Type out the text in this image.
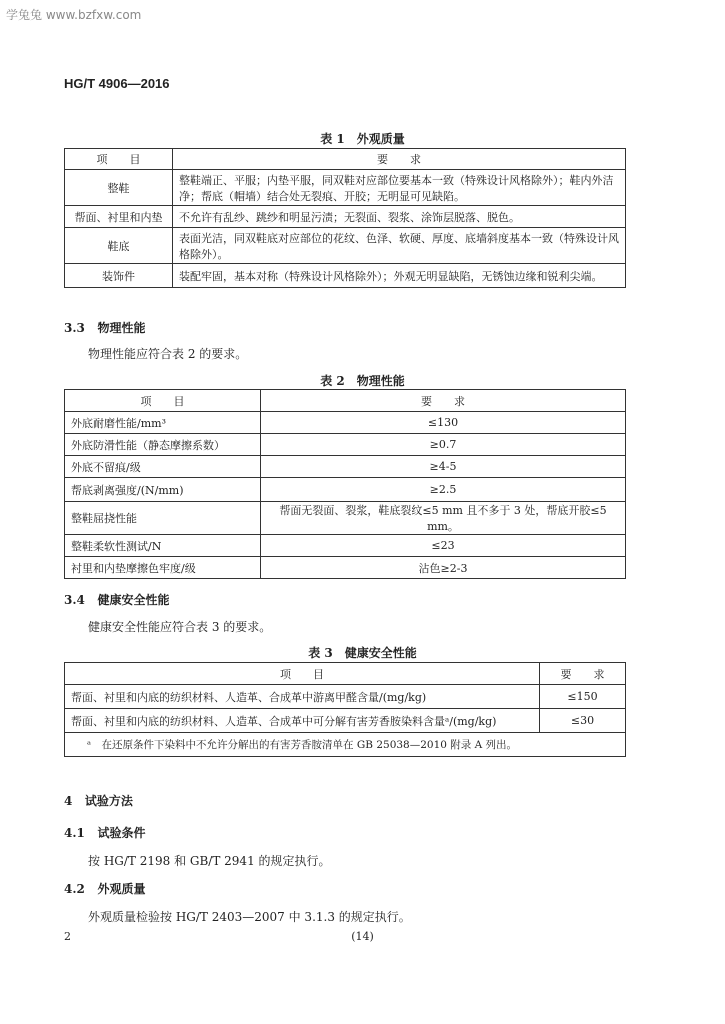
学兔兔 www.bzfxw.com
HG/T 4906—2016
表 1　外观质量
项　　目	要　　求
整鞋	整鞋端正、平服；内垫平服，同双鞋对应部位要基本一致（特殊设计风格除外）；鞋内外洁净；帮底（帽墙）结合处无裂痕、开胶；无明显可见缺陷。
帮面、衬里和内垫	不允许有乱纱、跳纱和明显污渍；无裂面、裂浆、涂饰层脱落、脱色。
鞋底	表面光洁，同双鞋底对应部位的花纹、色泽、软硬、厚度、底墙斜度基本一致（特殊设计风格除外）。
装饰件	装配牢固，基本对称（特殊设计风格除外）；外观无明显缺陷，无锈蚀边缘和锐利尖端。
3.3 物理性能
物理性能应符合表 2 的要求。
表 2　物理性能
项　　目	要　　求
外底耐磨性能/mm³	≤130
外底防滑性能（静态摩擦系数）	≥0.7
外底不留痕/级	≥4-5
帮底剥离强度/(N/mm)	≥2.5
整鞋屈挠性能	帮面无裂面、裂浆，鞋底裂纹≤5 mm 且不多于 3 处，帮底开胶≤5 mm。
整鞋柔软性测试/N	≤23
衬里和内垫摩擦色牢度/级	沾色≥2-3
3.4 健康安全性能
健康安全性能应符合表 3 的要求。
表 3　健康安全性能
项　　目	要　　求
帮面、衬里和内底的纺织材料、人造革、合成革中游离甲醛含量/(mg/kg)	≤150
帮面、衬里和内底的纺织材料、人造革、合成革中可分解有害芳香胺染料含量ᵃ/(mg/kg)	≤30
ᵃ　在还原条件下染料中不允许分解出的有害芳香胺清单在 GB 25038—2010 附录 A 列出。	
4 试验方法
4.1 试验条件
按 HG/T 2198 和 GB/T 2941 的规定执行。
4.2 外观质量
外观质量检验按 HG/T 2403—2007 中 3.1.3 的规定执行。
2	(14)
